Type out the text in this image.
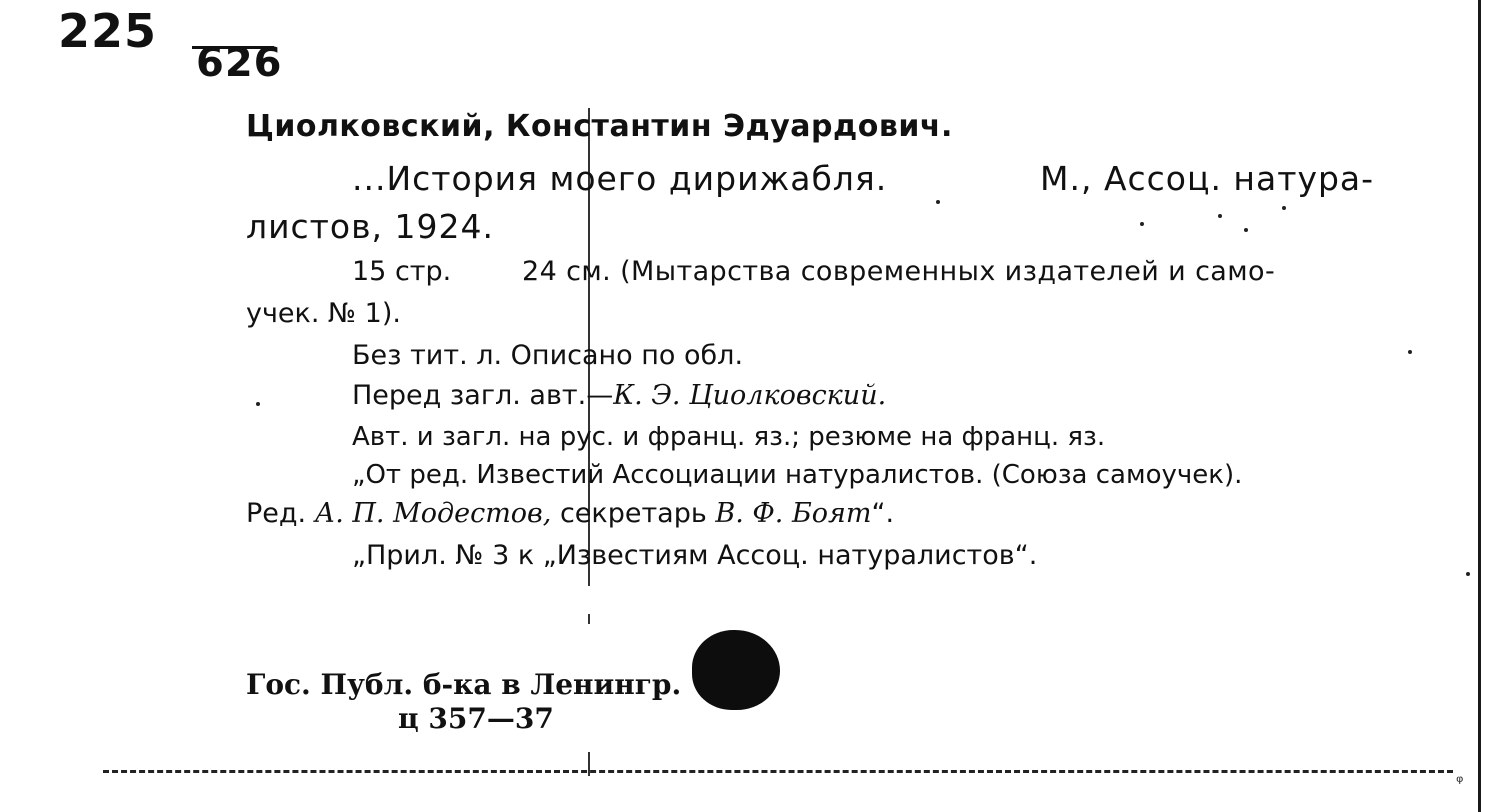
225
626
Циолковский, Константин Эдуардович.
...История моего дирижабля.	М., Ассоц. натура-
листов, 1924.
15 стр.	24 см. (Мытарства современных издателей и само-
учек. № 1).
Без тит. л. Описано по обл.
Перед загл. авт.—К. Э. Циолковский.
Авт. и загл. на рус. и франц. яз.; резюме на франц. яз.
„От ред. Известий Ассоциации натуралистов. (Союза самоучек).
Ред. А. П. Модестов, секретарь В. Ф. Боят“.
„Прил. № 3 к „Известиям Ассоц. натуралистов“.
Гос. Публ. б-ка в Ленингр.
ц 357—37
ᵠ
